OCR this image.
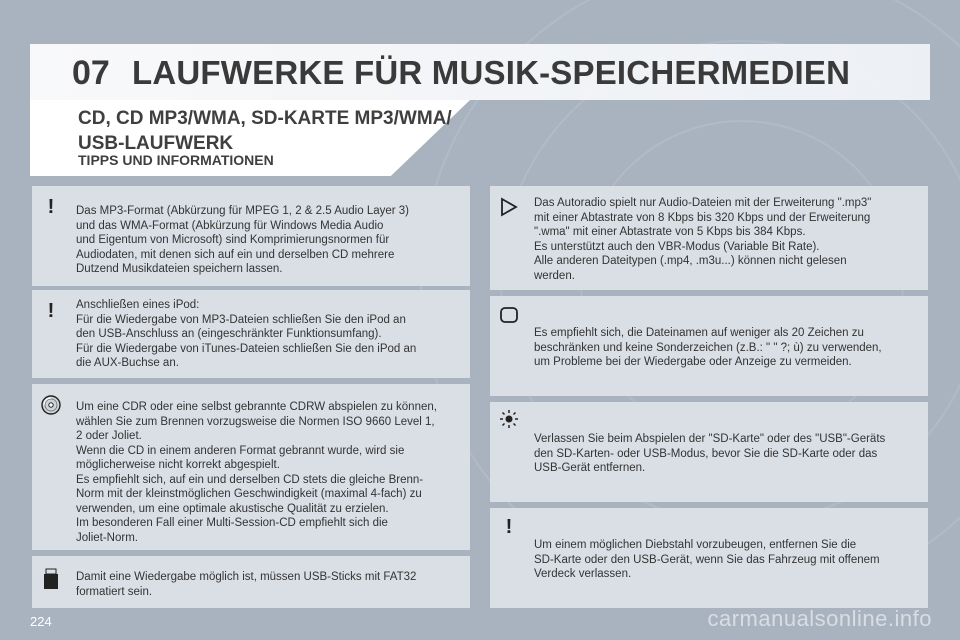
07 LAUFWERKE FÜR MUSIK-SPEICHERMEDIEN
CD, CD MP3/WMA, SD-KARTE MP3/WMA/
USB-LAUFWERK
TIPPS UND INFORMATIONEN
!	Das MP3-Format (Abkürzung für MPEG 1, 2 & 2.5 Audio Layer 3)
und das WMA-Format (Abkürzung für Windows Media Audio
und Eigentum von Microsoft) sind Komprimierungsnormen für
Audiodaten, mit denen sich auf ein und derselben CD mehrere
Dutzend Musikdateien speichern lassen.
!	Anschließen eines iPod:
Für die Wiedergabe von MP3-Dateien schließen Sie den iPod an
den USB-Anschluss an (eingeschränkter Funktionsumfang).
Für die Wiedergabe von iTunes-Dateien schließen Sie den iPod an
die AUX-Buchse an.
Um eine CDR oder eine selbst gebrannte CDRW abspielen zu können,
wählen Sie zum Brennen vorzugsweise die Normen ISO 9660 Level 1,
2 oder Joliet.
Wenn die CD in einem anderen Format gebrannt wurde, wird sie
möglicherweise nicht korrekt abgespielt.
Es empfiehlt sich, auf ein und derselben CD stets die gleiche Brenn-
Norm mit der kleinstmöglichen Geschwindigkeit (maximal 4-fach) zu
verwenden, um eine optimale akustische Qualität zu erzielen.
Im besonderen Fall einer Multi-Session-CD empfiehlt sich die
Joliet-Norm.
Damit eine Wiedergabe möglich ist, müssen USB-Sticks mit FAT32
formatiert sein.
Das Autoradio spielt nur Audio-Dateien mit der Erweiterung ".mp3"
mit einer Abtastrate von 8 Kbps bis 320 Kbps und der Erweiterung
".wma" mit einer Abtastrate von 5 Kbps bis 384 Kbps.
Es unterstützt auch den VBR-Modus (Variable Bit Rate).
Alle anderen Dateitypen (.mp4, .m3u...) können nicht gelesen
werden.
Es empfiehlt sich, die Dateinamen auf weniger als 20 Zeichen zu
beschränken und keine Sonderzeichen (z.B.: " " ?; ù) zu verwenden,
um Probleme bei der Wiedergabe oder Anzeige zu vermeiden.
Verlassen Sie beim Abspielen der "SD-Karte" oder des "USB"-Geräts
den SD-Karten- oder USB-Modus, bevor Sie die SD-Karte oder das
USB-Gerät entfernen.
!
Um einem möglichen Diebstahl vorzubeugen, entfernen Sie die
SD-Karte oder den USB-Gerät, wenn Sie das Fahrzeug mit offenem
Verdeck verlassen.
224	carmanualsonline.info
